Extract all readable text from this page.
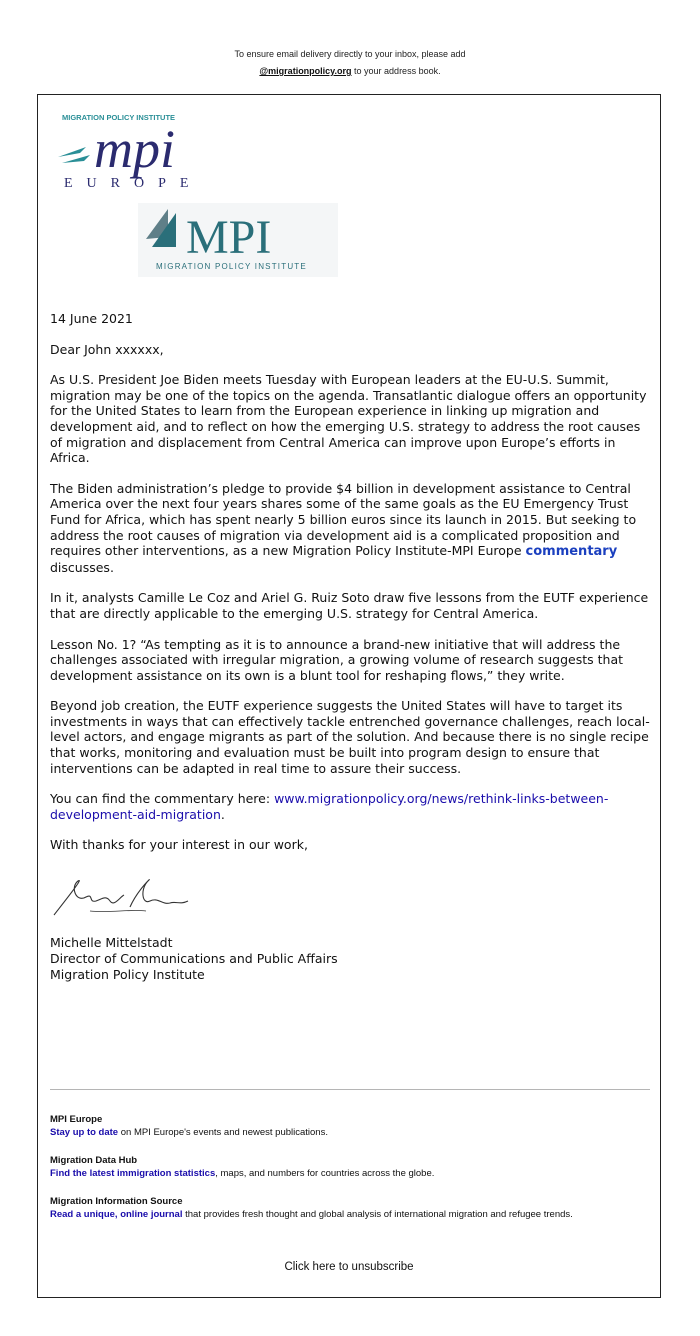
To ensure email delivery directly to your inbox, please add
@migrationpolicy.org to your address book.
MIGRATION POLICY INSTITUTE
mpi
EUROPE
MPI
MIGRATION POLICY INSTITUTE

14 June 2021

Dear John xxxxxx,

As U.S. President Joe Biden meets Tuesday with European leaders at the EU-U.S. Summit, migration may be one of the topics on the agenda. Transatlantic dialogue offers an opportunity for the United States to learn from the European experience in linking up migration and development aid, and to reflect on how the emerging U.S. strategy to address the root causes of migration and displacement from Central America can improve upon Europe’s efforts in Africa.

The Biden administration’s pledge to provide $4 billion in development assistance to Central America over the next four years shares some of the same goals as the EU Emergency Trust Fund for Africa, which has spent nearly 5 billion euros since its launch in 2015. But seeking to address the root causes of migration via development aid is a complicated proposition and requires other interventions, as a new Migration Policy Institute-MPI Europe commentary discusses.

In it, analysts Camille Le Coz and Ariel G. Ruiz Soto draw five lessons from the EUTF experience that are directly applicable to the emerging U.S. strategy for Central America.

Lesson No. 1? “As tempting as it is to announce a brand-new initiative that will address the challenges associated with irregular migration, a growing volume of research suggests that development assistance on its own is a blunt tool for reshaping flows,” they write.

Beyond job creation, the EUTF experience suggests the United States will have to target its investments in ways that can effectively tackle entrenched governance challenges, reach local-level actors, and engage migrants as part of the solution. And because there is no single recipe that works, monitoring and evaluation must be built into program design to ensure that interventions can be adapted in real time to assure their success.

You can find the commentary here: www.migrationpolicy.org/news/rethink-links-between-development-aid-migration.

With thanks for your interest in our work,

Michelle Mittelstadt
Director of Communications and Public Affairs
Migration Policy Institute
MPI Europe
Stay up to date on MPI Europe's events and newest publications.
Migration Data Hub
Find the latest immigration statistics, maps, and numbers for countries across the globe.
Migration Information Source
Read a unique, online journal that provides fresh thought and global analysis of international migration and refugee trends.
Click here to unsubscribe
